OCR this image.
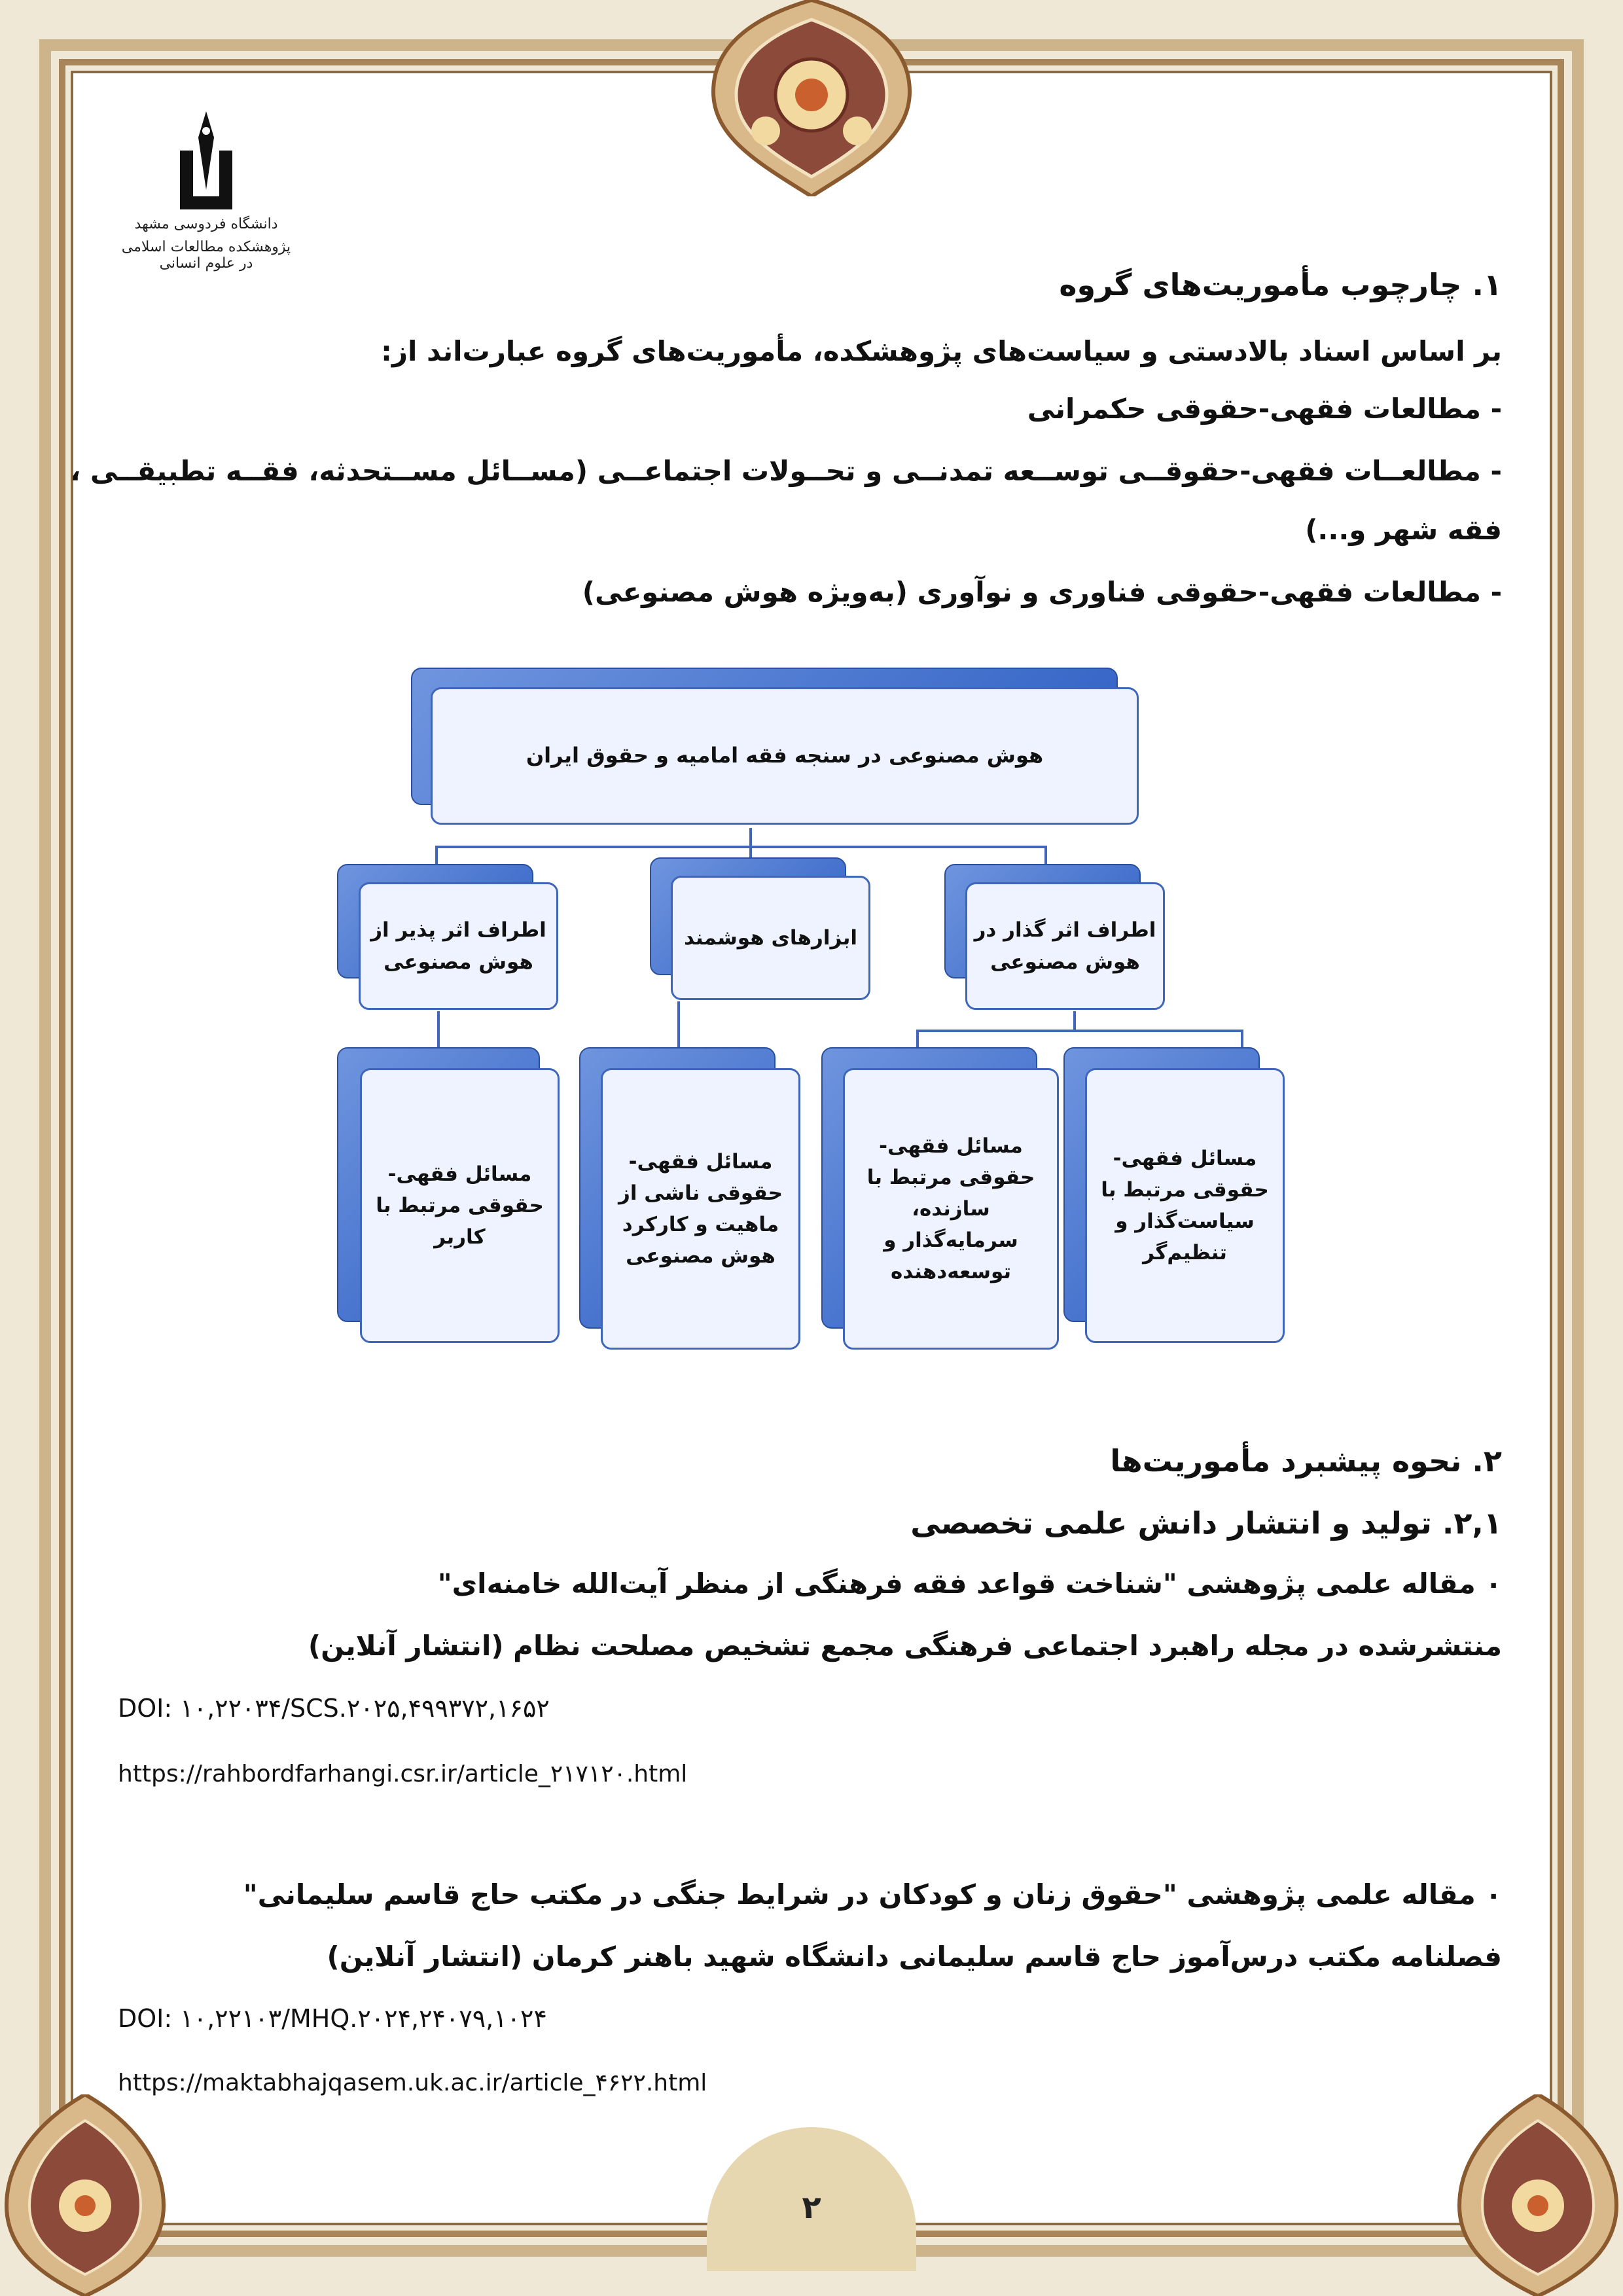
دانشگاه فردوسی مشهد
پژوهشکده مطالعات اسلامی در علوم انسانی
۱. چارچوب مأموریت‌های گروه
بر اساس اسناد بالادستی و سیاست‌های پژوهشکده، مأموریت‌های گروه عبارت‌اند از:
- مطالعات فقهی-حقوقی حکمرانی
- مطالعــات فقهی-حقوقــی توســعه تمدنــی و تحــولات اجتماعــی (مســائل مســتحدثه، فقــه تطبیقــی ،
فقه شهر و...)
- مطالعات فقهی-حقوقی فناوری و نوآوری (به‌ویژه هوش مصنوعی)
هوش مصنوعی در سنجه فقه امامیه و حقوق ایران
اطراف اثر پذیر از هوش مصنوعی
ابزارهای هوشمند	اطراف اثر گذار در هوش مصنوعی
مسائل فقهی- حقوقی مرتبط با کاربر
مسائل فقهی- حقوقی ناشی از ماهیت و کارکرد هوش مصنوعی
مسائل فقهی- حقوقی مرتبط با سازنده، سرمایه‌گذار و توسعه‌دهنده
مسائل فقهی- حقوقی مرتبط با سیاست‌گذار و تنظیم‌گر
۲. نحوه پیشبرد مأموریت‌ها
۲,۱. تولید و انتشار دانش علمی تخصصی
٠ مقاله علمی پژوهشی "شناخت قواعد فقه فرهنگی از منظر آیت‌الله خامنه‌ای"
منتشرشده در مجله راهبرد اجتماعی فرهنگی مجمع تشخیص مصلحت نظام (انتشار آنلاین)
DOI: ۱۰,۲۲۰۳۴/SCS.۲۰۲۵,۴۹۹۳۷۲,۱۶۵۲
https://rahbordfarhangi.csr.ir/article_۲۱۷۱۲۰.html
٠ مقاله علمی پژوهشی "حقوق زنان و کودکان در شرایط جنگی در مکتب حاج قاسم سلیمانی"
فصلنامه مکتب درس‌آموز حاج قاسم سلیمانی دانشگاه شهید باهنر کرمان (انتشار آنلاین)
DOI: ۱۰,۲۲۱۰۳/MHQ.۲۰۲۴,۲۴۰۷۹,۱۰۲۴
https://maktabhajqasem.uk.ac.ir/article_۴۶۲۲.html
۲
